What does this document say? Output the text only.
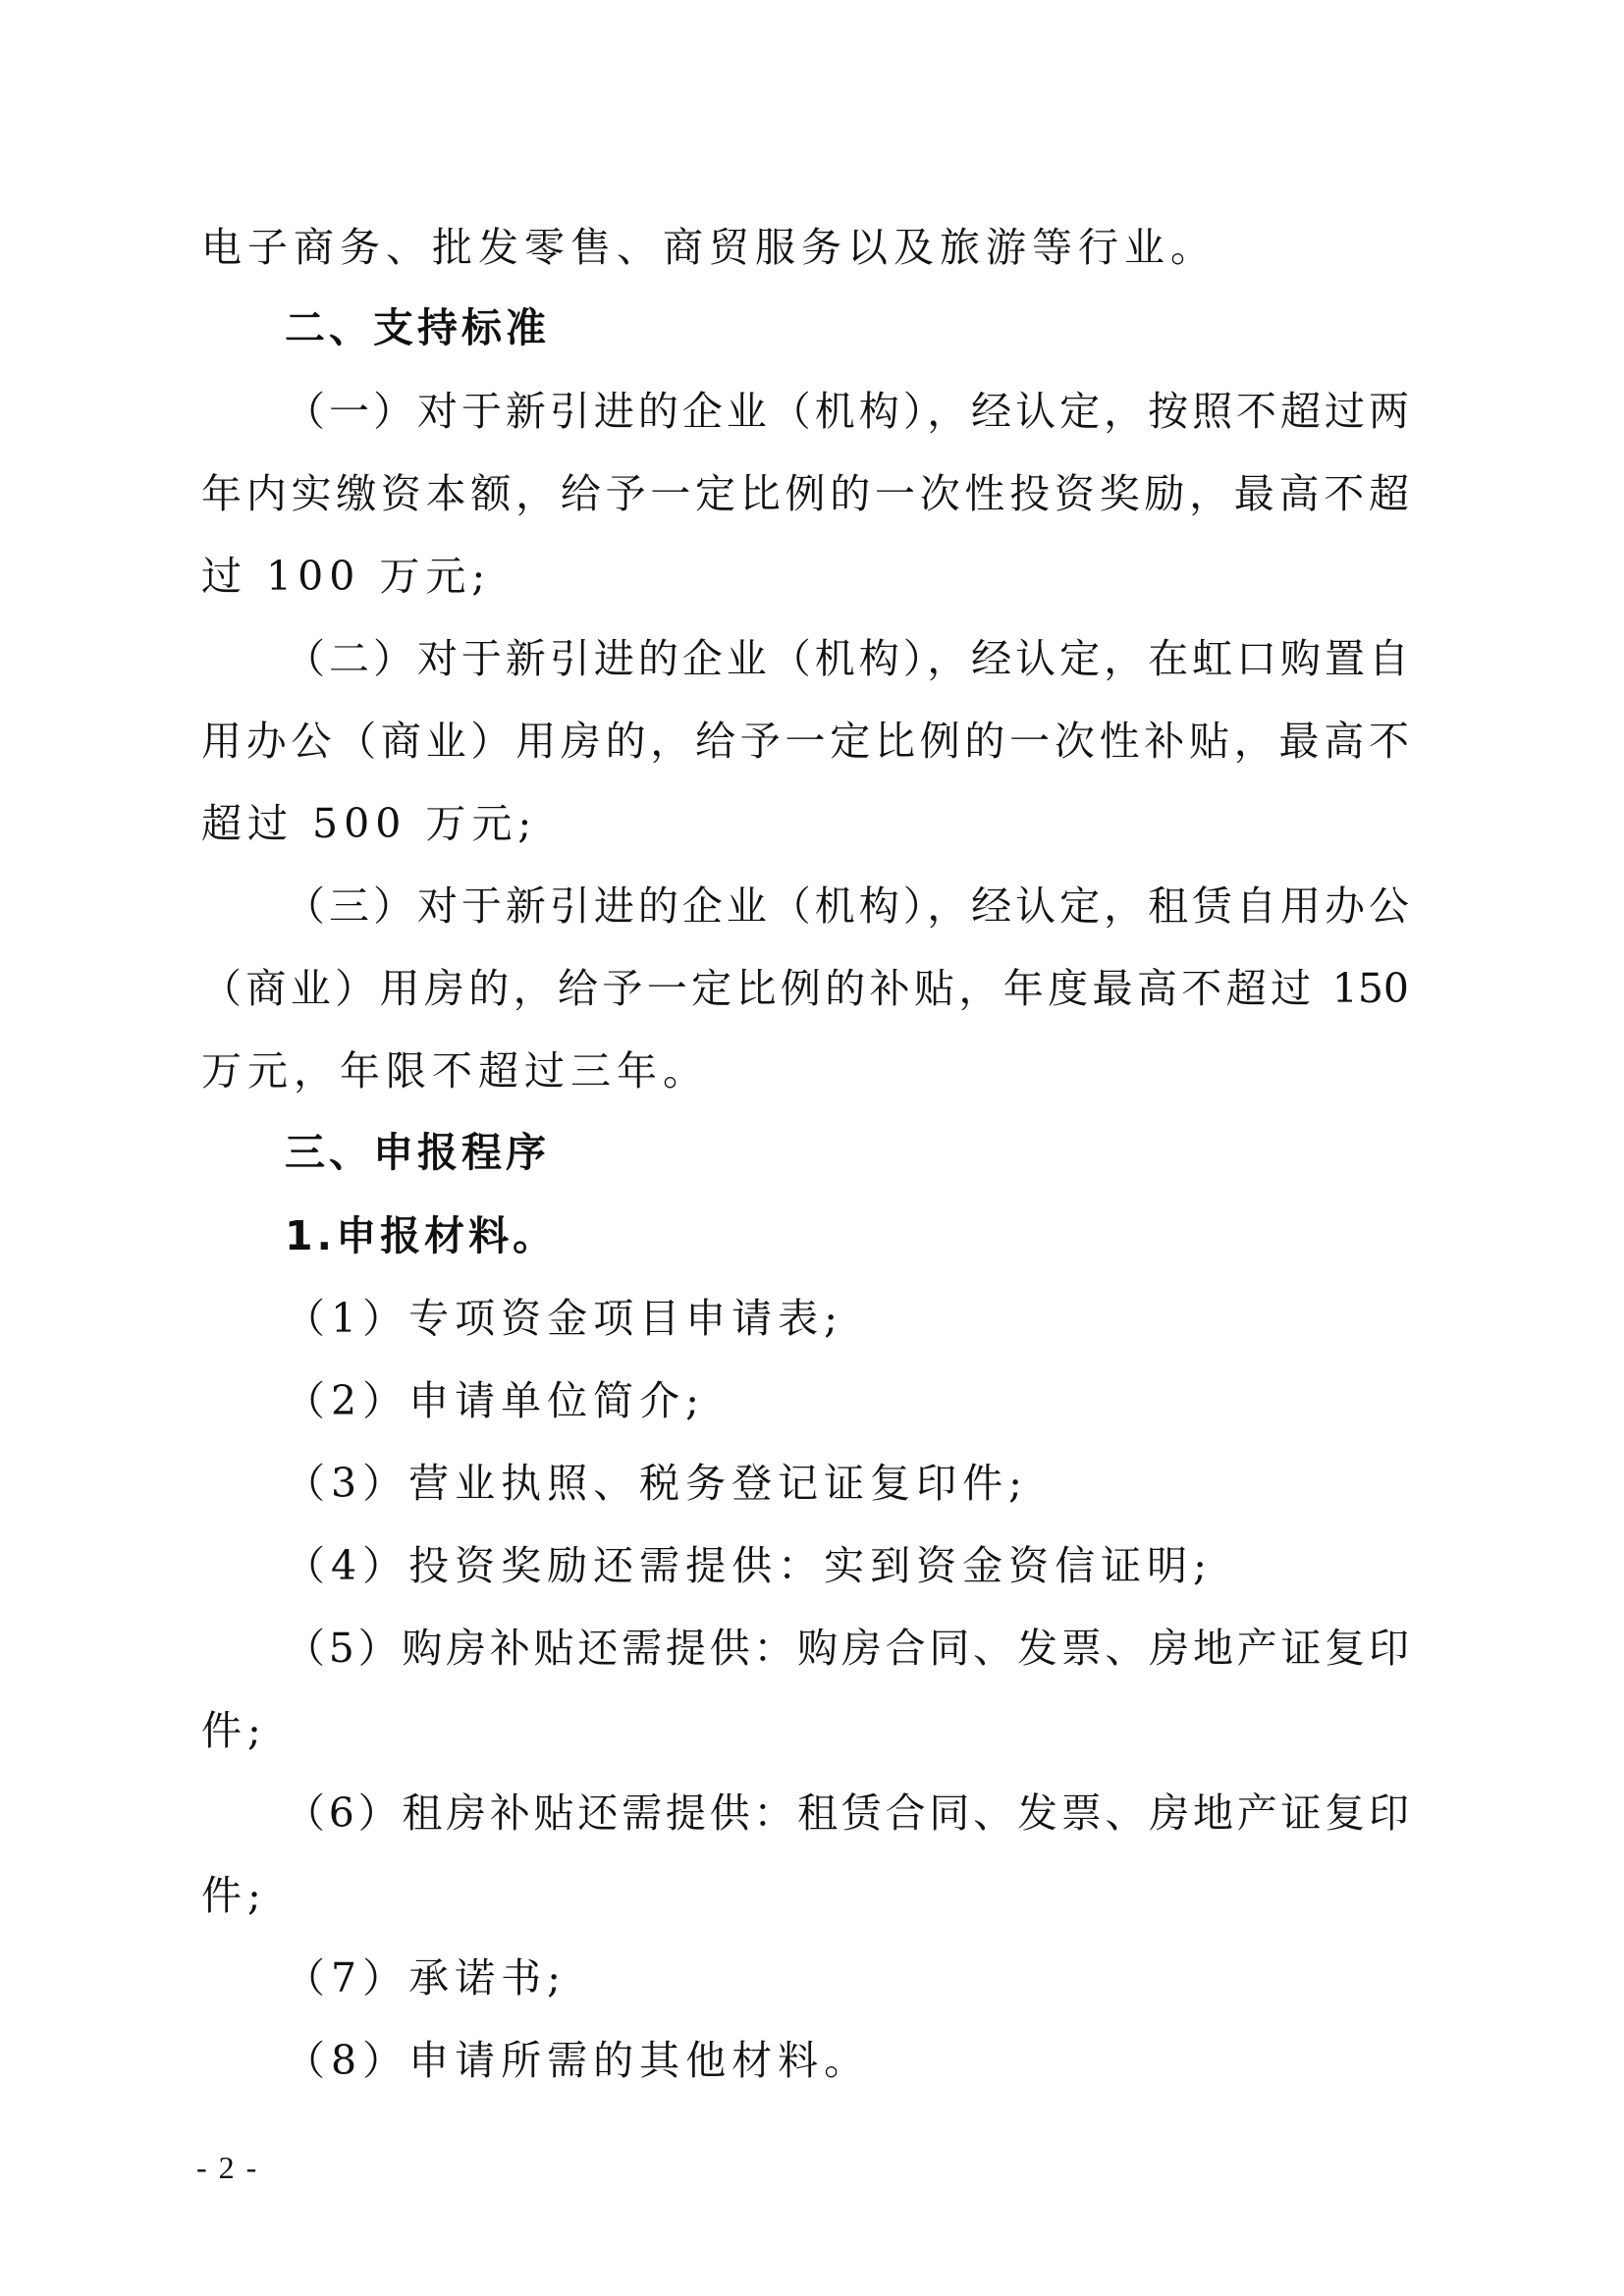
电子商务、批发零售、商贸服务以及旅游等行业。
二、支持标准
（一）对于新引进的企业（机构），经认定，按照不超过两
年内实缴资本额，给予一定比例的一次性投资奖励，最高不超
过 100 万元;
（二）对于新引进的企业（机构），经认定，在虹口购置自
用办公（商业）用房的，给予一定比例的一次性补贴，最高不
超过 500 万元;
（三）对于新引进的企业（机构），经认定，租赁自用办公
（商业）用房的，给予一定比例的补贴，年度最高不超过 150
万元，年限不超过三年。
三、申报程序
1.申报材料。
（1）专项资金项目申请表;
（2）申请单位简介;
（3）营业执照、税务登记证复印件;
（4）投资奖励还需提供：实到资金资信证明;
（5）购房补贴还需提供：购房合同、发票、房地产证复印
件;
（6）租房补贴还需提供：租赁合同、发票、房地产证复印
件;
（7）承诺书;
（8）申请所需的其他材料。
- 2 -
